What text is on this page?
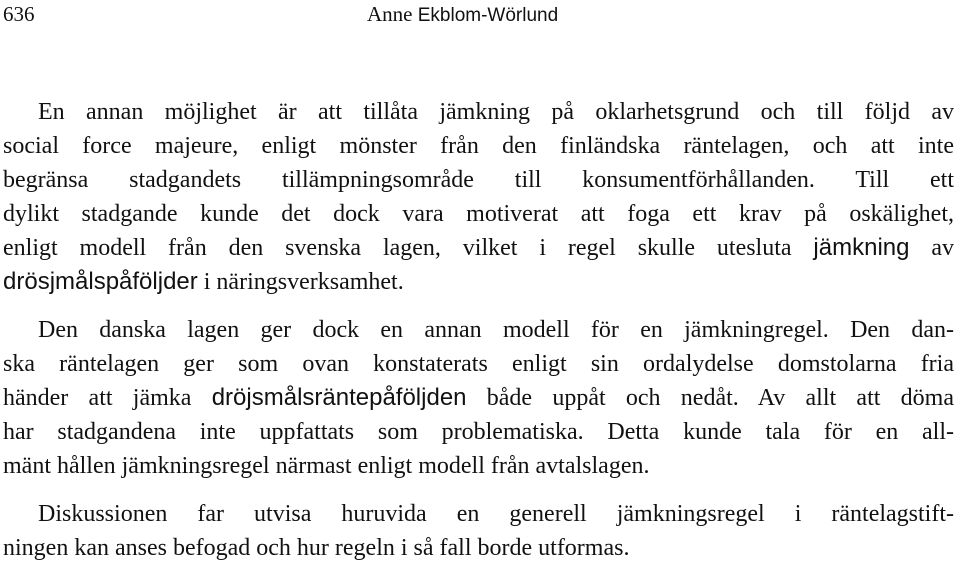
636	Anne Ekblom-Wörlund
En annan möjlighet är att tillåta jämkning på oklarhetsgrund och till följd av
social force majeure, enligt mönster från den finländska räntelagen, och att inte
begränsa stadgandets tillämpningsområde till konsumentförhållanden. Till ett
dylikt stadgande kunde det dock vara motiverat att foga ett krav på oskälighet,
enligt modell från den svenska lagen, vilket i regel skulle utesluta jämkning av
drösjmålspåföljder i näringsverksamhet.
Den danska lagen ger dock en annan modell för en jämkningregel. Den dan-
ska räntelagen ger som ovan konstaterats enligt sin ordalydelse domstolarna fria
händer att jämka dröjsmålsräntepåföljden både uppåt och nedåt. Av allt att döma
har stadgandena inte uppfattats som problematiska. Detta kunde tala för en all-
mänt hållen jämkningsregel närmast enligt modell från avtalslagen.
Diskussionen far utvisa huruvida en generell jämkningsregel i räntelagstift-
ningen kan anses befogad och hur regeln i så fall borde utformas.
